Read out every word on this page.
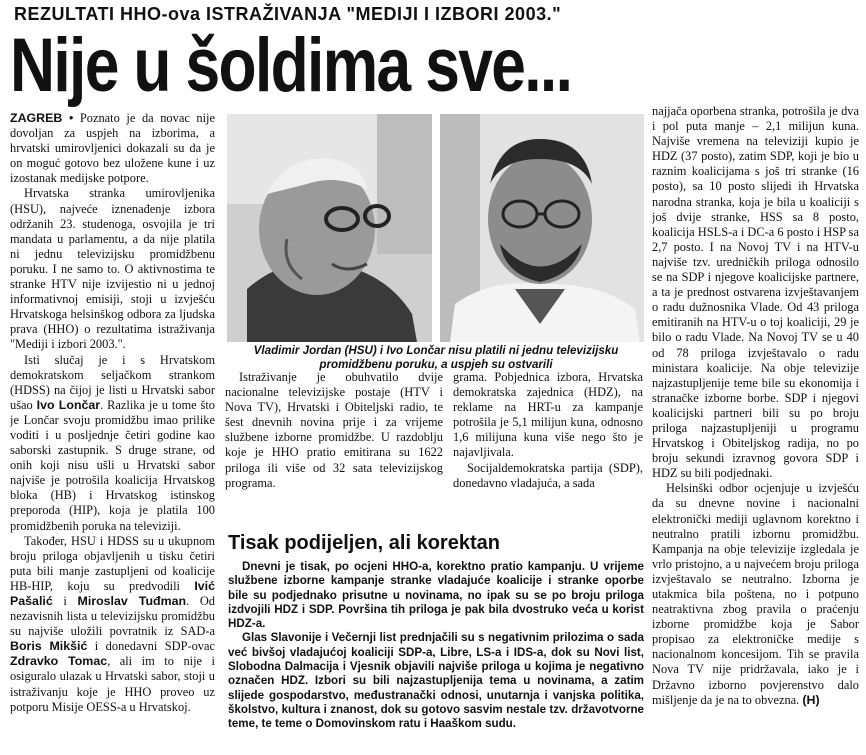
REZULTATI HHO-ova ISTRAŽIVANJA "MEDIJI I IZBORI 2003."
Nije u šoldima sve...

ZAGREB • Poznato je da novac nije dovoljan za uspjeh na izborima, a hrvatski umirovljenici dokazali su da je on moguć gotovo bez uložene kune i uz izostanak medijske potpore.

Hrvatska stranka umirovljenika (HSU), najveće iznenađenje izbora održanih 23. studenoga, osvojila je tri mandata u parlamentu, a da nije platila ni jednu televizijsku promidžbenu poruku. I ne samo to. O aktivnostima te stranke HTV nije izvijestio ni u jednoj informativnoj emisiji, stoji u izvješću Hrvatskoga helsinškog odbora za ljudska prava (HHO) o rezultatima istraživanja "Mediji i izbori 2003.".

Isti slučaj je i s Hrvatskom demokratskom seljačkom strankom (HDSS) na čijoj je listi u Hrvatski sabor ušao Ivo Lončar. Razlika je u tome što je Lončar svoju promidžbu imao prilike voditi i u posljednje četiri godine kao saborski zastupnik. S druge strane, od onih koji nisu ušli u Hrvatski sabor najviše je potrošila koalicija Hrvatskog bloka (HB) i Hrvatskog istinskog preporoda (HIP), koja je platila 100 promidžbenih poruka na televiziji.

Također, HSU i HDSS su u ukupnom broju priloga objavljenih u tisku četiri puta bili manje zastupljeni od koalicije HB-HIP, koju su predvodili Ivić Pašalić i Miroslav Tuđman. Od nezavisnih lista u televizijsku promidžbu su najviše uložili povratnik iz SAD-a Boris Mikšić i donedavni SDP-ovac Zdravko Tomac, ali im to nije i osiguralo ulazak u Hrvatski sabor, stoji u istraživanju koje je HHO proveo uz potporu Misije OESS-a u Hrvatskoj.

Vladimir Jordan (HSU) i Ivo Lončar nisu platili ni jednu televizijsku promidžbenu poruku, a uspjeh su ostvarili

Istraživanje je obuhvatilo dvije nacionalne televizijske postaje (HTV i Nova TV), Hrvatski i Obiteljski radio, te šest dnevnih novina prije i za vrijeme službene izborne promidžbe. U razdoblju koje je HHO pratio emitirana su 1622 priloga ili više od 32 sata televizijskog programa.

grama. Pobjednica izbora, Hrvatska demokratska zajednica (HDZ), na reklame na HRT-u za kampanje potrošila je 5,1 milijun kuna, odnosno 1,6 milijuna kuna više nego što je najavljivala.

Socijaldemokratska partija (SDP), donedavno vladajuća, a sada

Tisak podijeljen, ali korektan

Dnevni je tisak, po ocjeni HHO-a, korektno pratio kampanju. U vrijeme službene izborne kampanje stranke vladajuće koalicije i stranke oporbe bile su podjednako prisutne u novinama, no ipak su se po broju priloga izdvojili HDZ i SDP. Površina tih priloga je pak bila dvostruko veća u korist HDZ-a.

Glas Slavonije i Večernji list prednjačili su s negativnim prilozima o sada već bivšoj vladajućoj koaliciji SDP-a, Libre, LS-a i IDS-a, dok su Novi list, Slobodna Dalmacija i Vjesnik objavili najviše priloga u kojima je negativno označen HDZ. Izbori su bili najzastupljenija tema u novinama, a zatim slijede gospodarstvo, međustranački odnosi, unutarnja i vanjska politika, školstvo, kultura i znanost, dok su gotovo sasvim nestale tzv. državotvorne teme, te teme o Domovinskom ratu i Haaškom sudu.

najjača oporbena stranka, potrošila je dva i pol puta manje – 2,1 milijun kuna. Najviše vremena na televiziji kupio je HDZ (37 posto), zatim SDP, koji je bio u raznim koalicijama s još tri stranke (16 posto), sa 10 posto slijedi ih Hrvatska narodna stranka, koja je bila u koaliciji s još dvije stranke, HSS sa 8 posto, koalicija HSLS-a i DC-a 6 posto i HSP sa 2,7 posto. I na Novoj TV i na HTV-u najviše tzv. uredničkih priloga odnosilo se na SDP i njegove koalicijske partnere, a ta je prednost ostvarena izvještavanjem o radu dužnosnika Vlade. Od 43 priloga emitiranih na HTV-u o toj koaliciji, 29 je bilo o radu Vlade. Na Novoj TV se u 40 od 78 priloga izvještavalo o radu ministara koalicije. Na obje televizije najzastupljenije teme bile su ekonomija i stranačke izborne borbe. SDP i njegovi koalicijski partneri bili su po broju priloga najzastupljeniji u programu Hrvatskog i Obiteljskog radija, no po broju sekundi izravnog govora SDP i HDZ su bili podjednaki.

Helsinški odbor ocjenjuje u izvješću da su dnevne novine i nacionalni elektronički mediji uglavnom korektno i neutralno pratili izbornu promidžbu. Kampanja na obje televizije izgledala je vrlo pristojno, a u najvećem broju priloga izvještavalo se neutralno. Izborna je utakmica bila poštena, no i potpuno neatraktivna zbog pravila o praćenju izborne promidžbe koja je Sabor propisao za elektroničke medije s nacionalnom koncesijom. Tih se pravila Nova TV nije pridržavala, iako je i Državno izborno povjerenstvo dalo mišljenje da je na to obvezna. (H)
